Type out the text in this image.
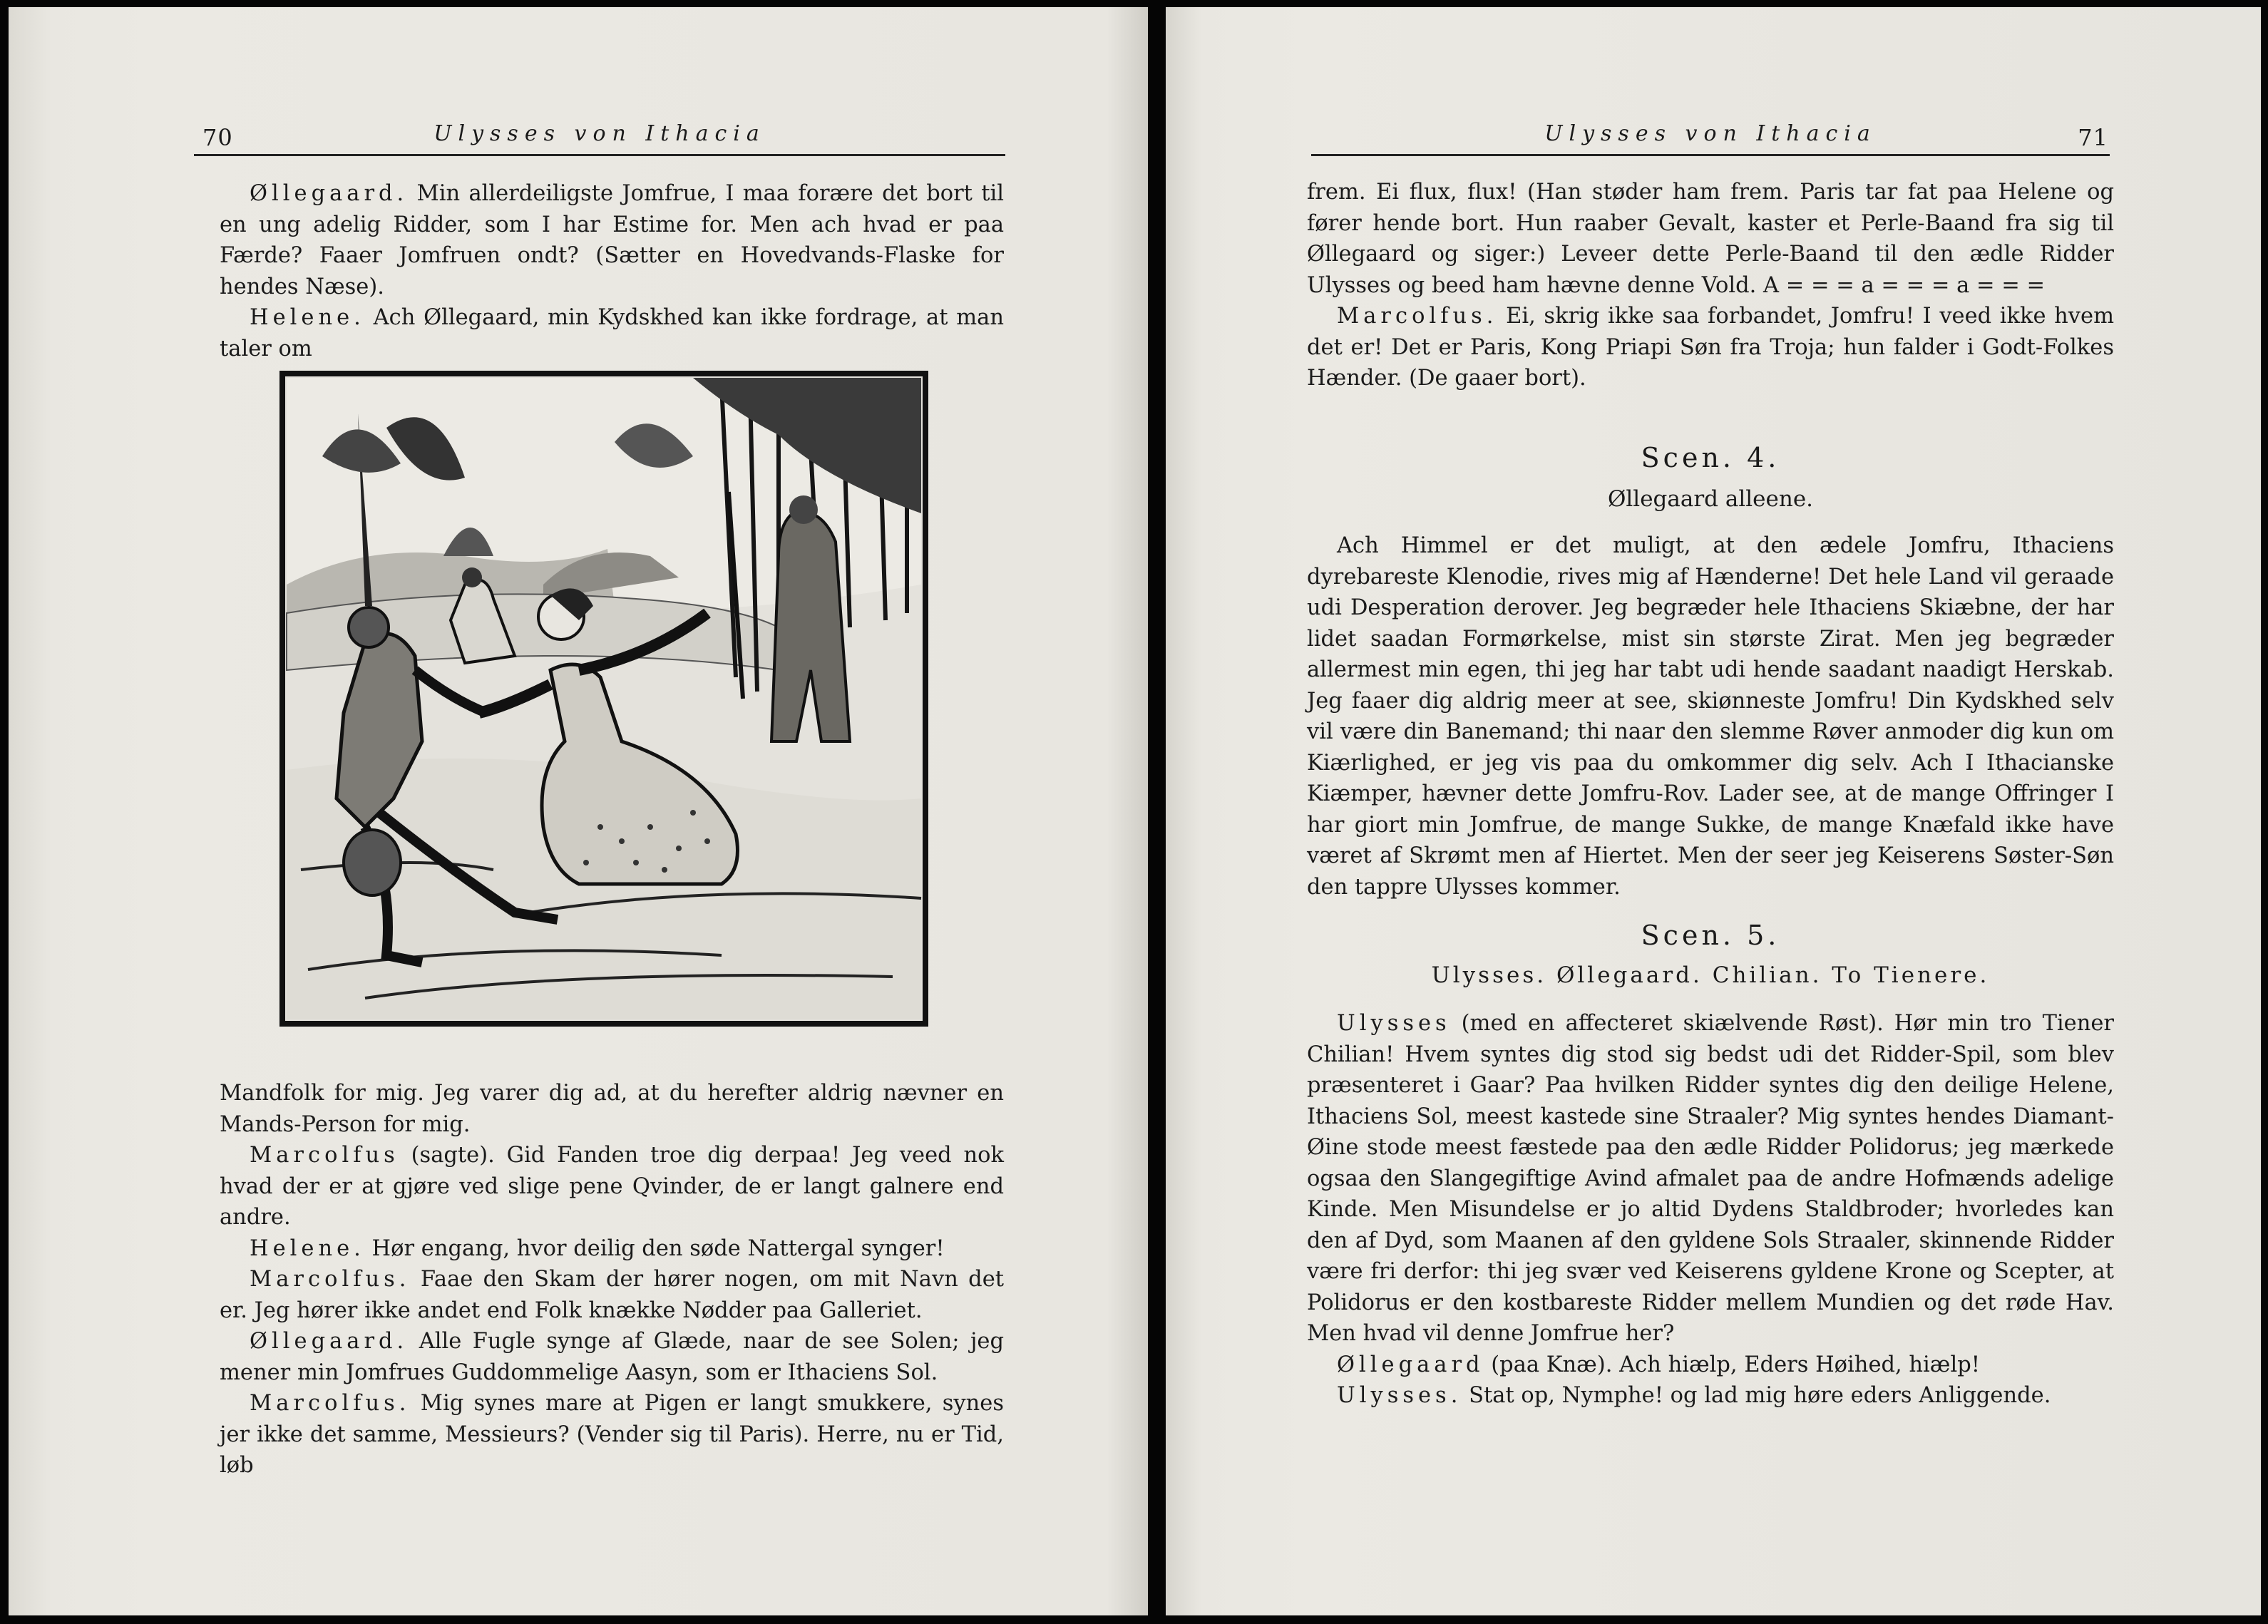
70	Ulysses von Ithacia

Øllegaard. Min allerdeiligste Jomfrue, I maa forære det bort til en ung adelig Ridder, som I har Estime for. Men ach hvad er paa Færde? Faaer Jomfruen ondt? (Sætter en Hovedvands-Flaske for hendes Næse).

Helene. Ach Øllegaard, min Kydskhed kan ikke fordrage, at man taler om

Mandfolk for mig. Jeg varer dig ad, at du herefter aldrig nævner en Mands-Person for mig.

Marcolfus (sagte). Gid Fanden troe dig derpaa! Jeg veed nok hvad der er at gjøre ved slige pene Qvinder, de er langt galnere end andre.

Helene. Hør engang, hvor deilig den søde Nattergal synger!

Marcolfus. Faae den Skam der hører nogen, om mit Navn det er. Jeg hører ikke andet end Folk knække Nødder paa Galleriet.

Øllegaard. Alle Fugle synge af Glæde, naar de see Solen; jeg mener min Jomfrues Guddommelige Aasyn, som er Ithaciens Sol.

Marcolfus. Mig synes mare at Pigen er langt smukkere, synes jer ikke det samme, Messieurs? (Vender sig til Paris). Herre, nu er Tid, løb

Ulysses von Ithacia	71

frem. Ei flux, flux! (Han støder ham frem. Paris tar fat paa Helene og fører hende bort. Hun raaber Gevalt, kaster et Perle-Baand fra sig til Øllegaard og siger:) Leveer dette Perle-Baand til den ædle Ridder Ulysses og beed ham hævne denne Vold. A = = = a = = = a = = =

Marcolfus. Ei, skrig ikke saa forbandet, Jomfru! I veed ikke hvem det er! Det er Paris, Kong Priapi Søn fra Troja; hun falder i Godt-Folkes Hænder. (De gaaer bort).

Scen. 4.
Øllegaard alleene.

Ach Himmel er det muligt, at den ædele Jomfru, Ithaciens dyrebareste Klenodie, rives mig af Hænderne! Det hele Land vil geraade udi Desperation derover. Jeg begræder hele Ithaciens Skiæbne, der har lidet saadan Formørkelse, mist sin største Zirat. Men jeg begræder allermest min egen, thi jeg har tabt udi hende saadant naadigt Herskab. Jeg faaer dig aldrig meer at see, skiønneste Jomfru! Din Kydskhed selv vil være din Banemand; thi naar den slemme Røver anmoder dig kun om Kiærlighed, er jeg vis paa du omkommer dig selv. Ach I Ithacianske Kiæmper, hævner dette Jomfru-Rov. Lader see, at de mange Offringer I har giort min Jomfrue, de mange Sukke, de mange Knæfald ikke have været af Skrømt men af Hiertet. Men der seer jeg Keiserens Søster-Søn den tappre Ulysses kommer.

Scen. 5.
Ulysses. Øllegaard. Chilian. To Tienere.

Ulysses (med en affecteret skiælvende Røst). Hør min tro Tiener Chilian! Hvem syntes dig stod sig bedst udi det Ridder-Spil, som blev præsenteret i Gaar? Paa hvilken Ridder syntes dig den deilige Helene, Ithaciens Sol, meest kastede sine Straaler? Mig syntes hendes Diamant-Øine stode meest fæstede paa den ædle Ridder Polidorus; jeg mærkede ogsaa den Slangegiftige Avind afmalet paa de andre Hofmænds adelige Kinde. Men Misundelse er jo altid Dydens Staldbroder; hvorledes kan den af Dyd, som Maanen af den gyldene Sols Straaler, skinnende Ridder være fri derfor: thi jeg svær ved Keiserens gyldene Krone og Scepter, at Polidorus er den kostbareste Ridder mellem Mundien og det røde Hav. Men hvad vil denne Jomfrue her?

Øllegaard (paa Knæ). Ach hiælp, Eders Høihed, hiælp!

Ulysses. Stat op, Nymphe! og lad mig høre eders Anliggende.
